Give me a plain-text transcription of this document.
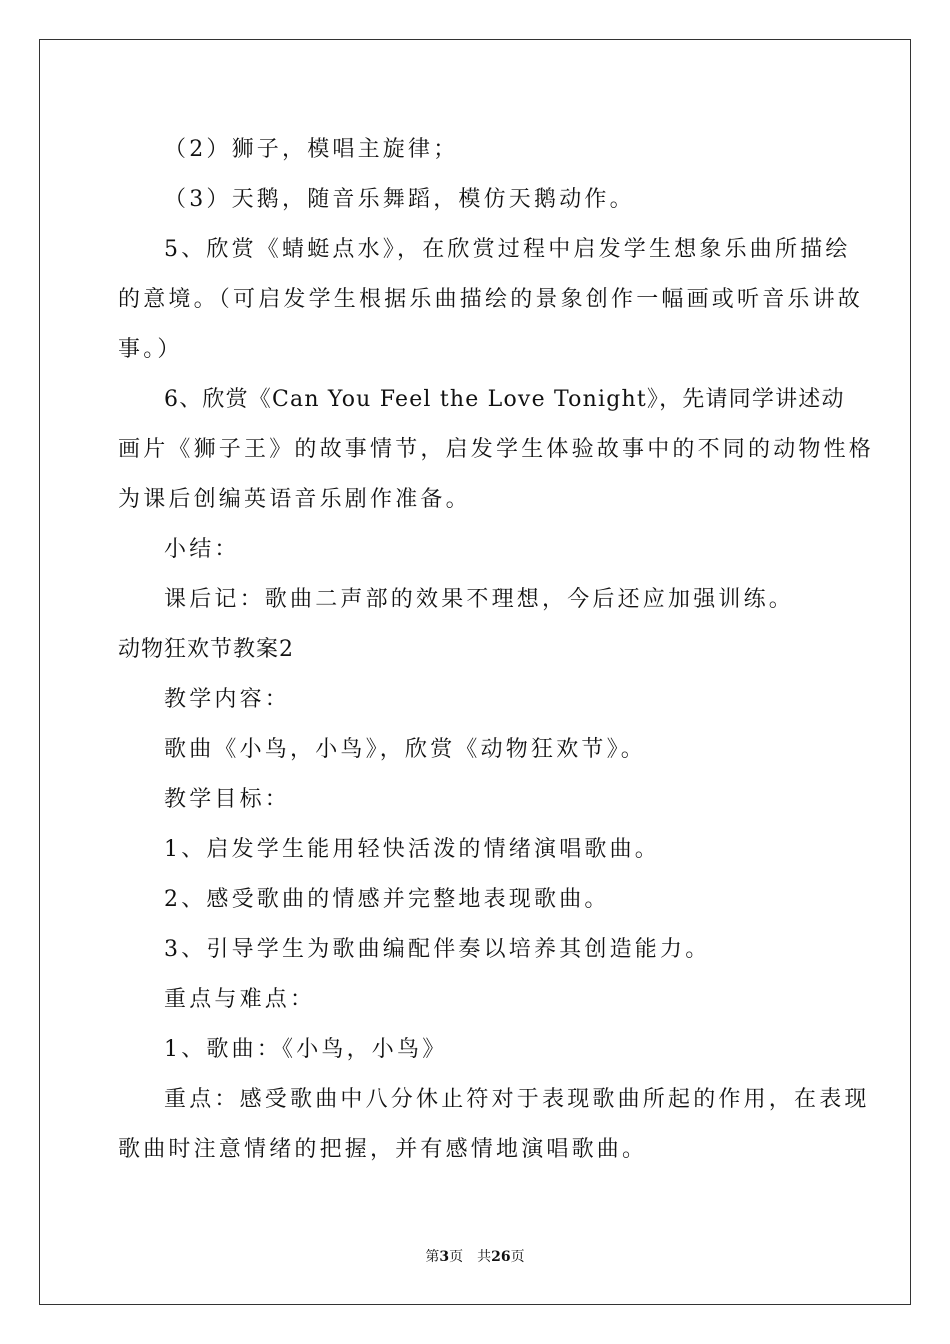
（2）狮子，模唱主旋律；
（3）天鹅，随音乐舞蹈，模仿天鹅动作。
5、欣赏《蜻蜓点水》，在欣赏过程中启发学生想象乐曲所描绘
的意境。（可启发学生根据乐曲描绘的景象创作一幅画或听音乐讲故
事。）
6、欣赏《Can You Feel the Love Tonight》，先请同学讲述动
画片《狮子王》的故事情节，启发学生体验故事中的不同的动物性格
为课后创编英语音乐剧作准备。
小结：
课后记：歌曲二声部的效果不理想，今后还应加强训练。
动物狂欢节教案2
教学内容：
歌曲《小鸟，小鸟》，欣赏《动物狂欢节》。
教学目标：
1、启发学生能用轻快活泼的情绪演唱歌曲。
2、感受歌曲的情感并完整地表现歌曲。
3、引导学生为歌曲编配伴奏以培养其创造能力。
重点与难点：
1、歌曲：《小鸟，小鸟》
重点：感受歌曲中八分休止符对于表现歌曲所起的作用，在表现
歌曲时注意情绪的把握，并有感情地演唱歌曲。
第3页 共26页
